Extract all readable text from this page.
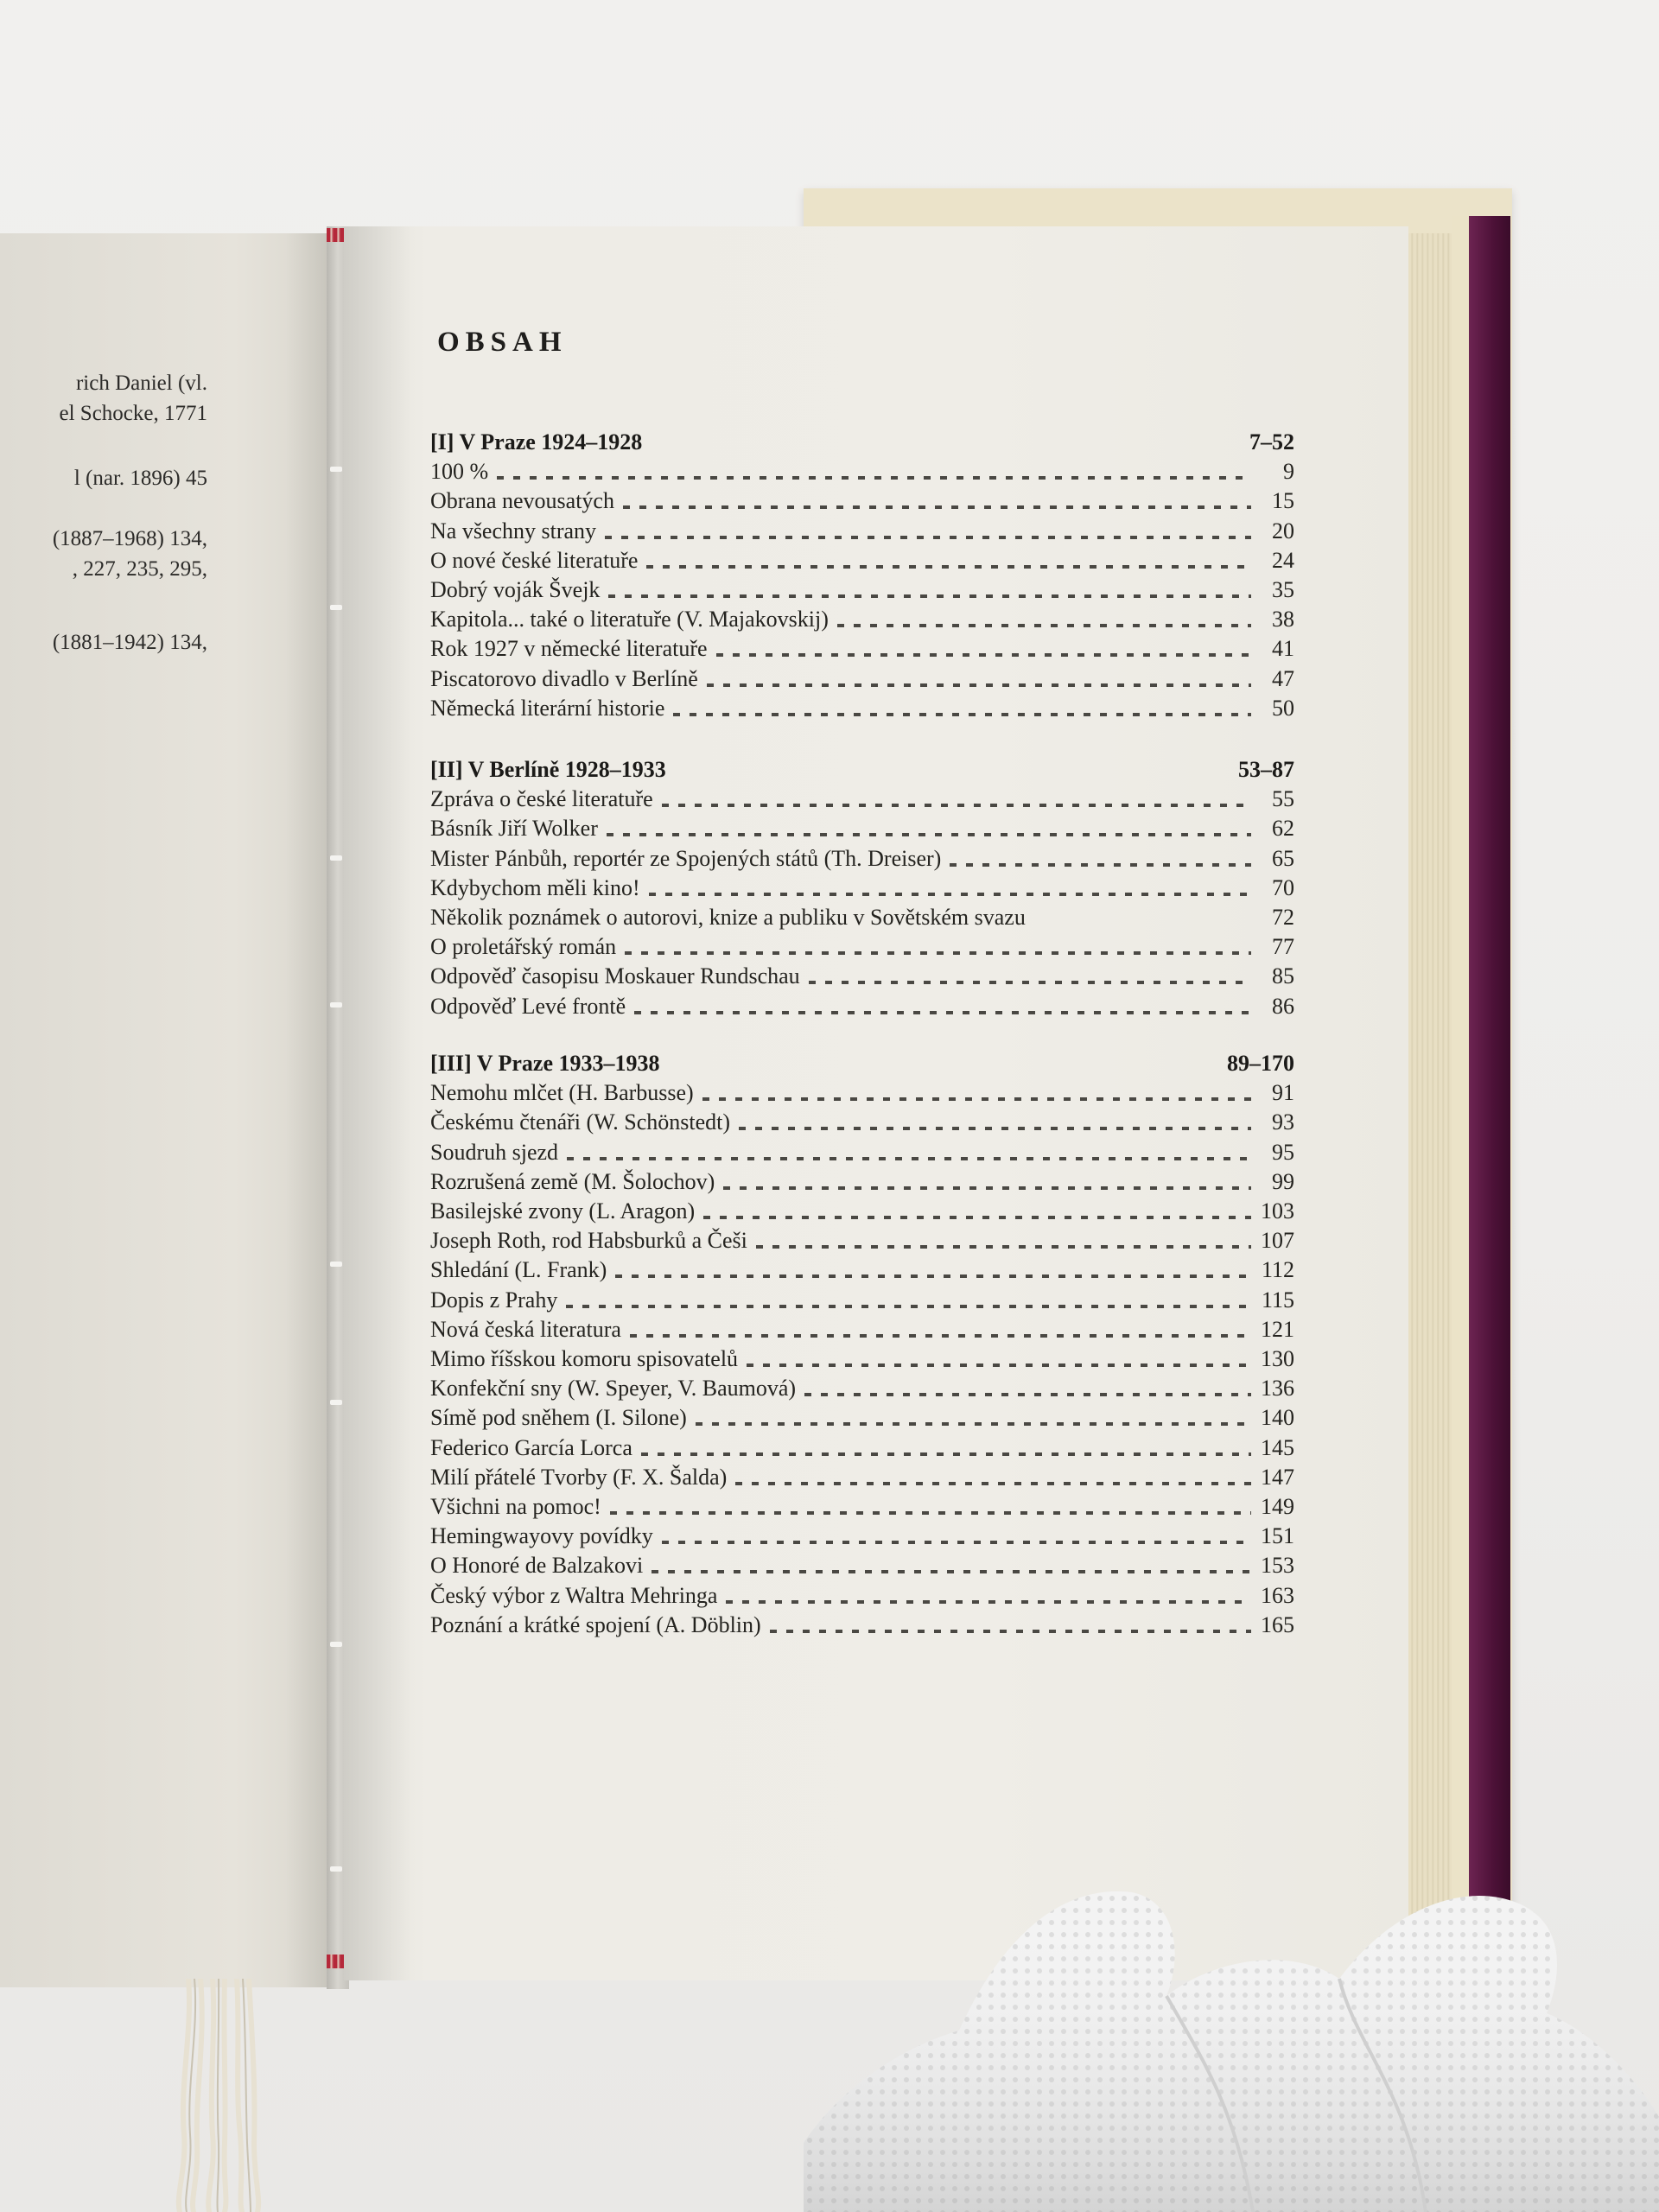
rich Daniel (vl.
el Schocke, 1771
l (nar. 1896) 45
(1887–1968) 134,
, 227, 235, 295,
(1881–1942) 134,
OBSAH
[I] V Praze 1924–1928	7–52
100 %	9
Obrana nevousatých	15
Na všechny strany	20
O nové české literatuře	24
Dobrý voják Švejk	35
Kapitola... také o literatuře (V. Majakovskij)	38
Rok 1927 v německé literatuře	41
Piscatorovo divadlo v Berlíně	47
Německá literární historie	50
[II] V Berlíně 1928–1933	53–87
Zpráva o české literatuře	55
Básník Jiří Wolker	62
Mister Pánbůh, reportér ze Spojených států (Th. Dreiser)	65
Kdybychom měli kino!	70
Několik poznámek o autorovi, knize a publiku v Sovětském svazu	72
O proletářský román	77
Odpověď časopisu Moskauer Rundschau	85
Odpověď Levé frontě	86
[III] V Praze 1933–1938	89–170
Nemohu mlčet (H. Barbusse)	91
Českému čtenáři (W. Schönstedt)	93
Soudruh sjezd	95
Rozrušená země (M. Šolochov)	99
Basilejské zvony (L. Aragon)	103
Joseph Roth, rod Habsburků a Češi	107
Shledání (L. Frank)	112
Dopis z Prahy	115
Nová česká literatura	121
Mimo říšskou komoru spisovatelů	130
Konfekční sny (W. Speyer, V. Baumová)	136
Símě pod sněhem (I. Silone)	140
Federico García Lorca	145
Milí přátelé Tvorby (F. X. Šalda)	147
Všichni na pomoc!	149
Hemingwayovy povídky	151
O Honoré de Balzakovi	153
Český výbor z Waltra Mehringa	163
Poznání a krátké spojení (A. Döblin)	165
